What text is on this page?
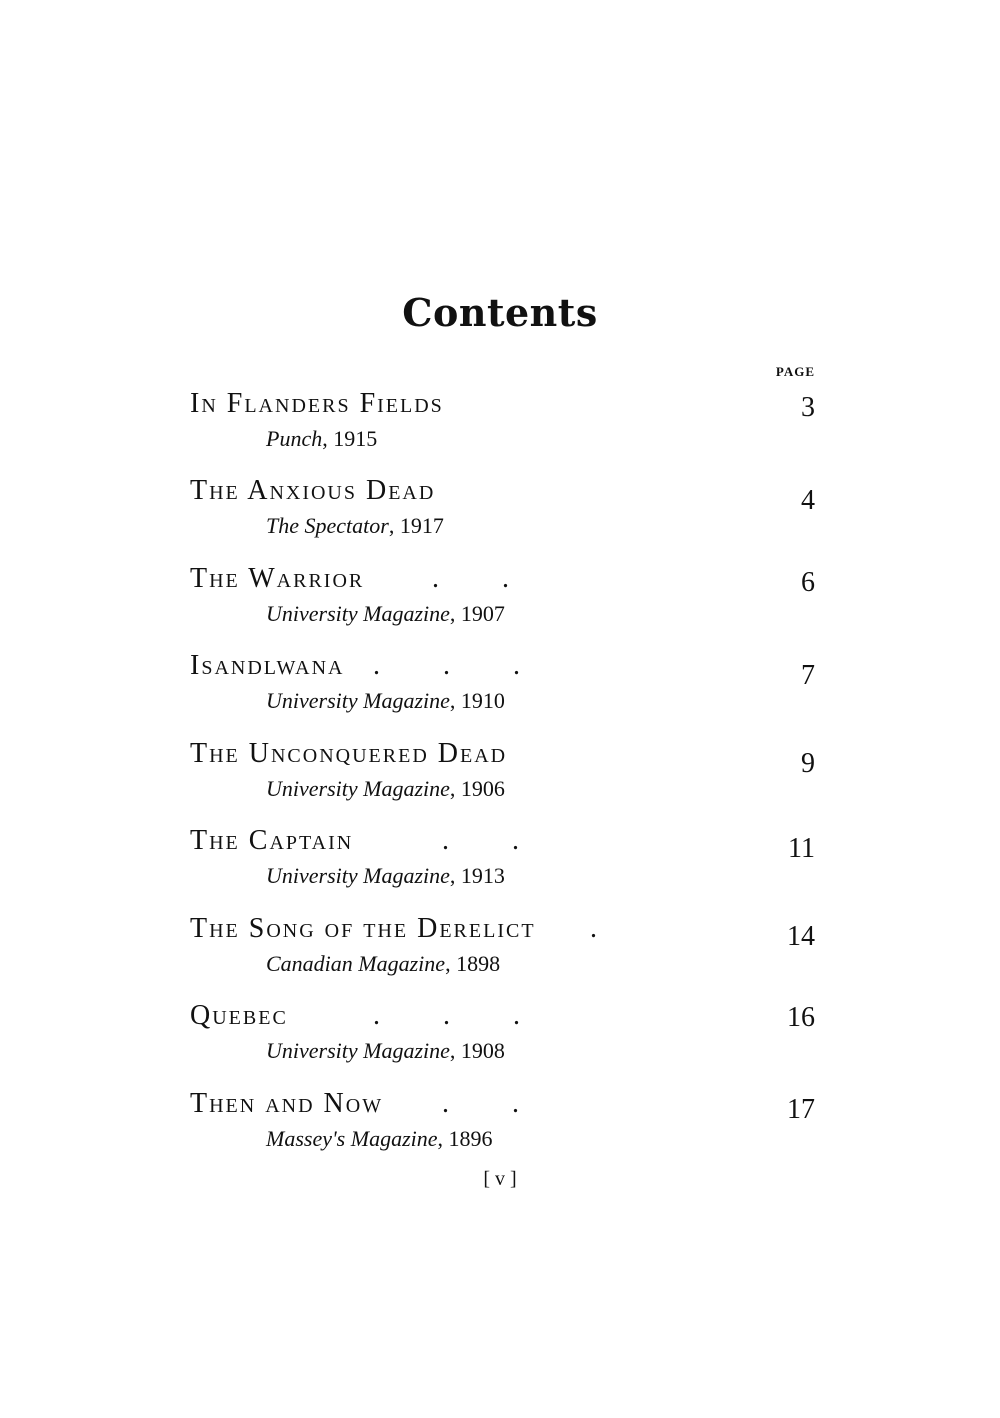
Contents
PAGE
In Flanders Fields	3
Punch, 1915
The Anxious Dead	4
The Spectator, 1917
The Warrior . .	6
University Magazine, 1907
Isandlwana . . .	7
University Magazine, 1910
The Unconquered Dead	9
University Magazine, 1906
The Captain	. .	11
University Magazine, 1913
The Song of the Derelict .	14
Canadian Magazine, 1898
Quebec	. . .	16
University Magazine, 1908
Then and Now . .	17
Massey's Magazine, 1896
[ v ]
